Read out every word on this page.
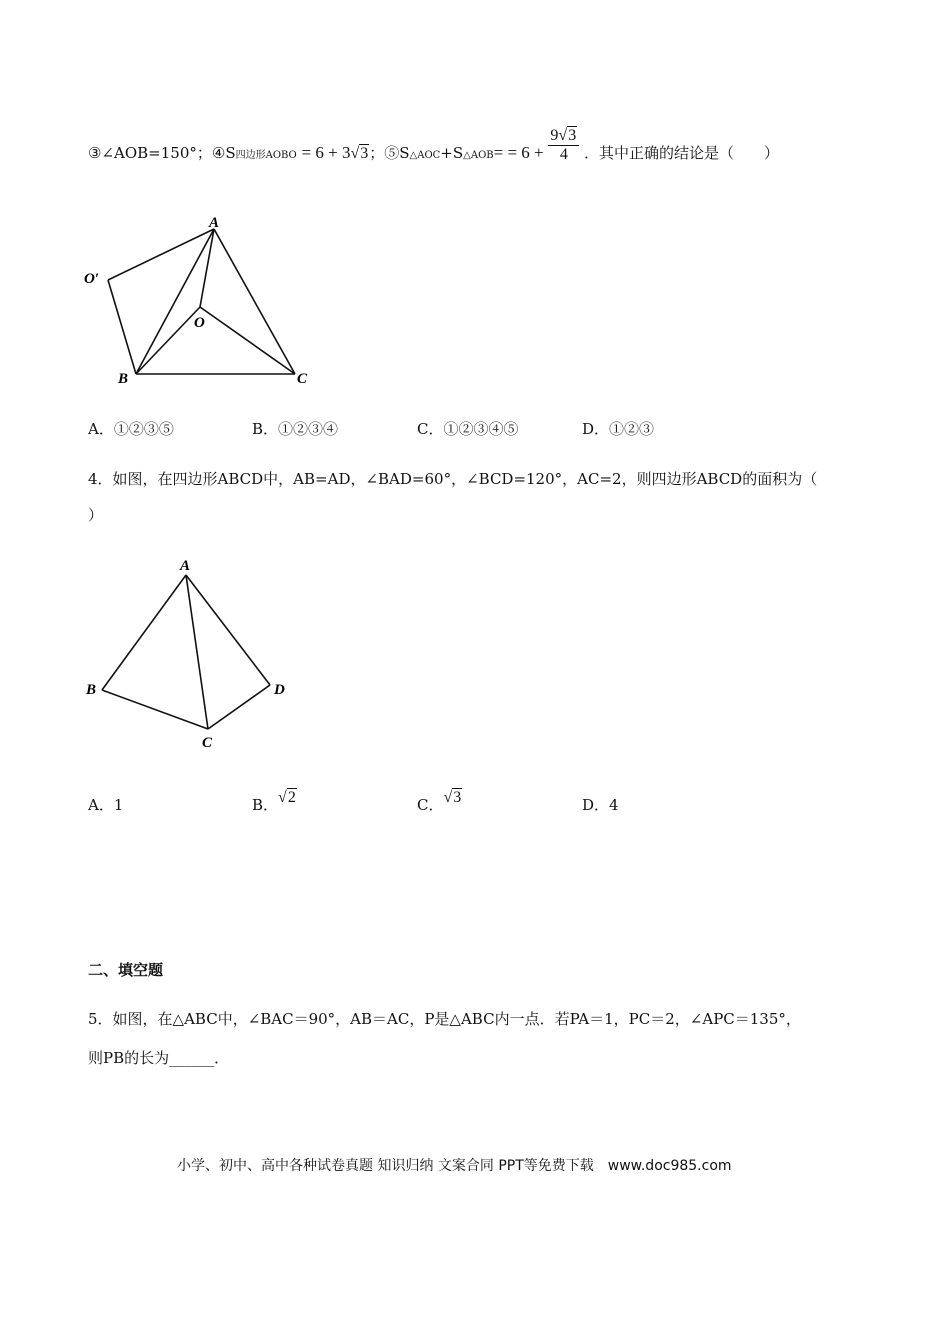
③∠AOB=150°；④S四边形AOBO = 6 + 3√3；⑤S△AOC+S△AOB= = $6 + \frac{9√3}{4}$ ．其中正确的结论是（　　）
A
O′
O
B	C
A．①②③⑤	B．①②③④	C．①②③④⑤	D．①②③
4．如图，在四边形ABCD中，AB=AD，∠BAD=60°，∠BCD=120°，AC=2，则四边形ABCD的面积为（
）
A
B
C
D
A．1	B．√2	C．√3	D．4
二、填空题
5．如图，在△ABC中，∠BAC＝90°，AB＝AC，P是△ABC内一点．若PA＝1，PC＝2，∠APC＝135°，
则PB的长为______．
小学、初中、高中各种试卷真题 知识归纳 文案合同 PPT等免费下载　www.doc985.com
